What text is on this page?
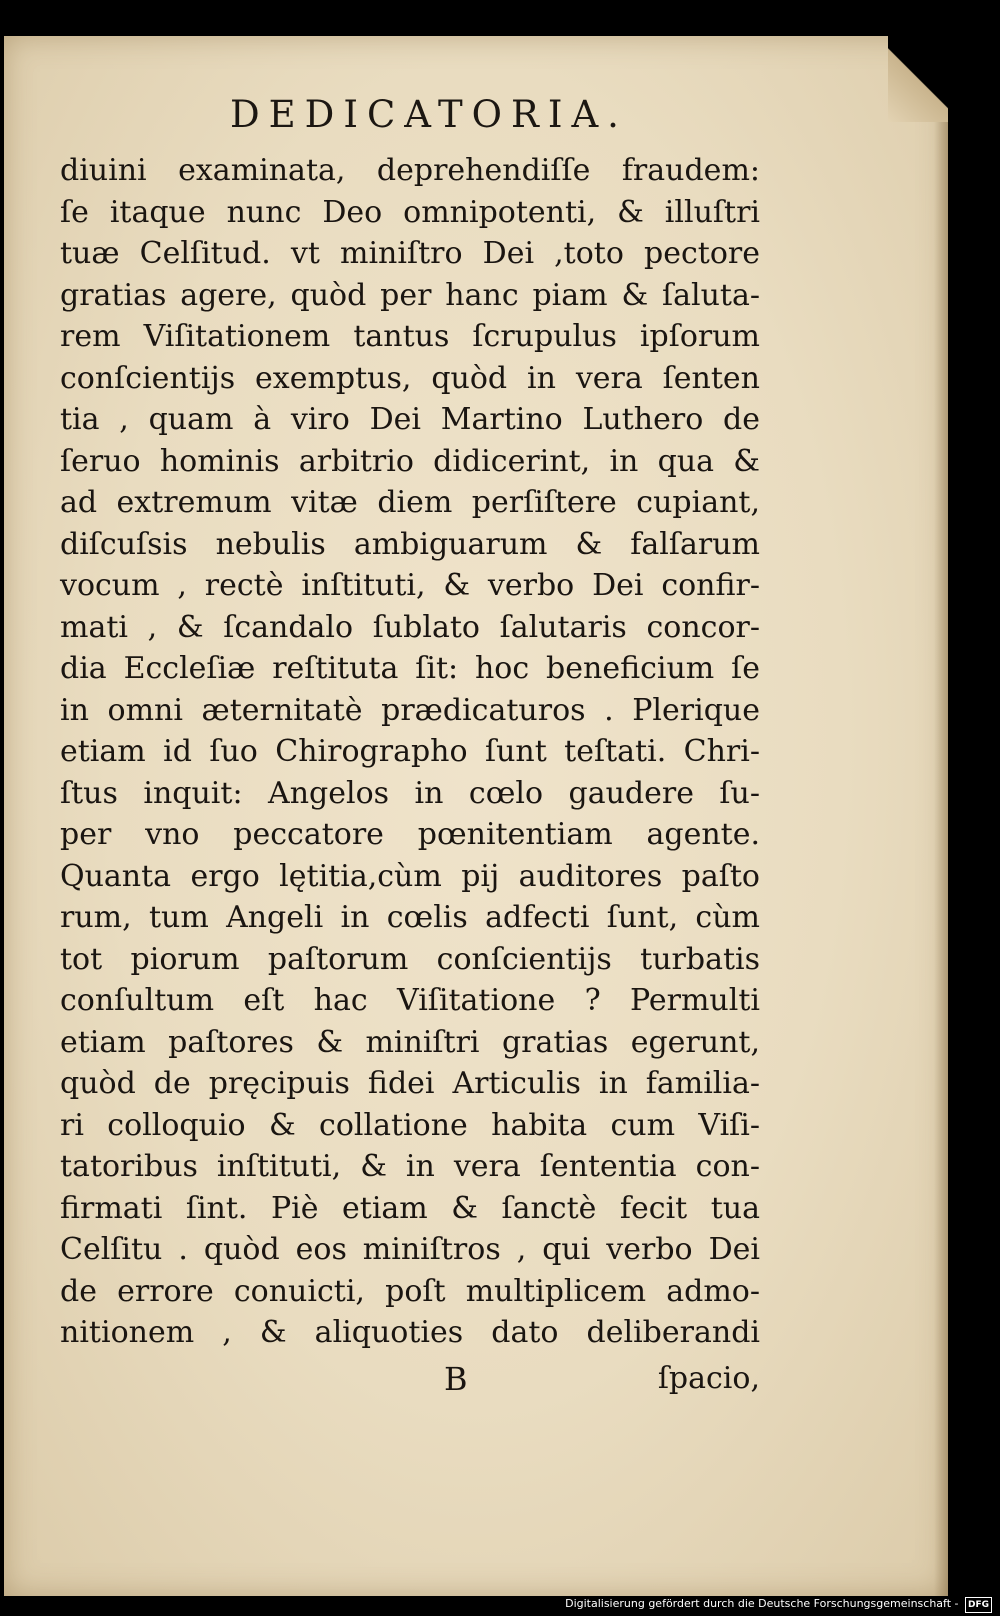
DEDICATORIA.
diuini examinata, deprehendiſſe fraudem:
ſe itaque nunc Deo omnipotenti, & illuſtri
tuæ Celſitud. vt miniſtro Dei ,toto pectore
gratias agere, quòd per hanc piam & ſaluta-
rem Viſitationem tantus ſcrupulus ipſorum
conſcientijs exemptus, quòd in vera ſenten
tia , quam à viro Dei Martino Luthero de
ſeruo hominis arbitrio didicerint, in qua &
ad extremum vitæ diem perſiſtere cupiant,
diſcuſsis nebulis ambiguarum & falſarum
vocum , rectè inſtituti, & verbo Dei confir-
mati , & ſcandalo ſublato ſalutaris concor-
dia Eccleſiæ reſtituta ſit: hoc beneficium ſe
in omni æternitatè prædicaturos . Plerique
etiam id ſuo Chirographo ſunt teſtati. Chri-
ſtus inquit: Angelos in cœlo gaudere ſu-
per vno peccatore pœnitentiam agente.
Quanta ergo lętitia,cùm pij auditores paſto
rum, tum Angeli in cœlis adfecti ſunt, cùm
tot piorum paſtorum conſcientijs turbatis
conſultum eſt hac Viſitatione ? Permulti
etiam paſtores & miniſtri gratias egerunt,
quòd de pręcipuis fidei Articulis in familia-
ri colloquio & collatione habita cum Viſi-
tatoribus inſtituti, & in vera ſententia con-
firmati ſint. Piè etiam & ſanctè fecit tua
Celſitu . quòd eos miniſtros , qui verbo Dei
de errore conuicti, poſt multiplicem admo-
nitionem , & aliquoties dato deliberandi
B	ſpacio,
Digitalisierung gefördert durch die Deutsche Forschungsgemeinschaft - DFG
